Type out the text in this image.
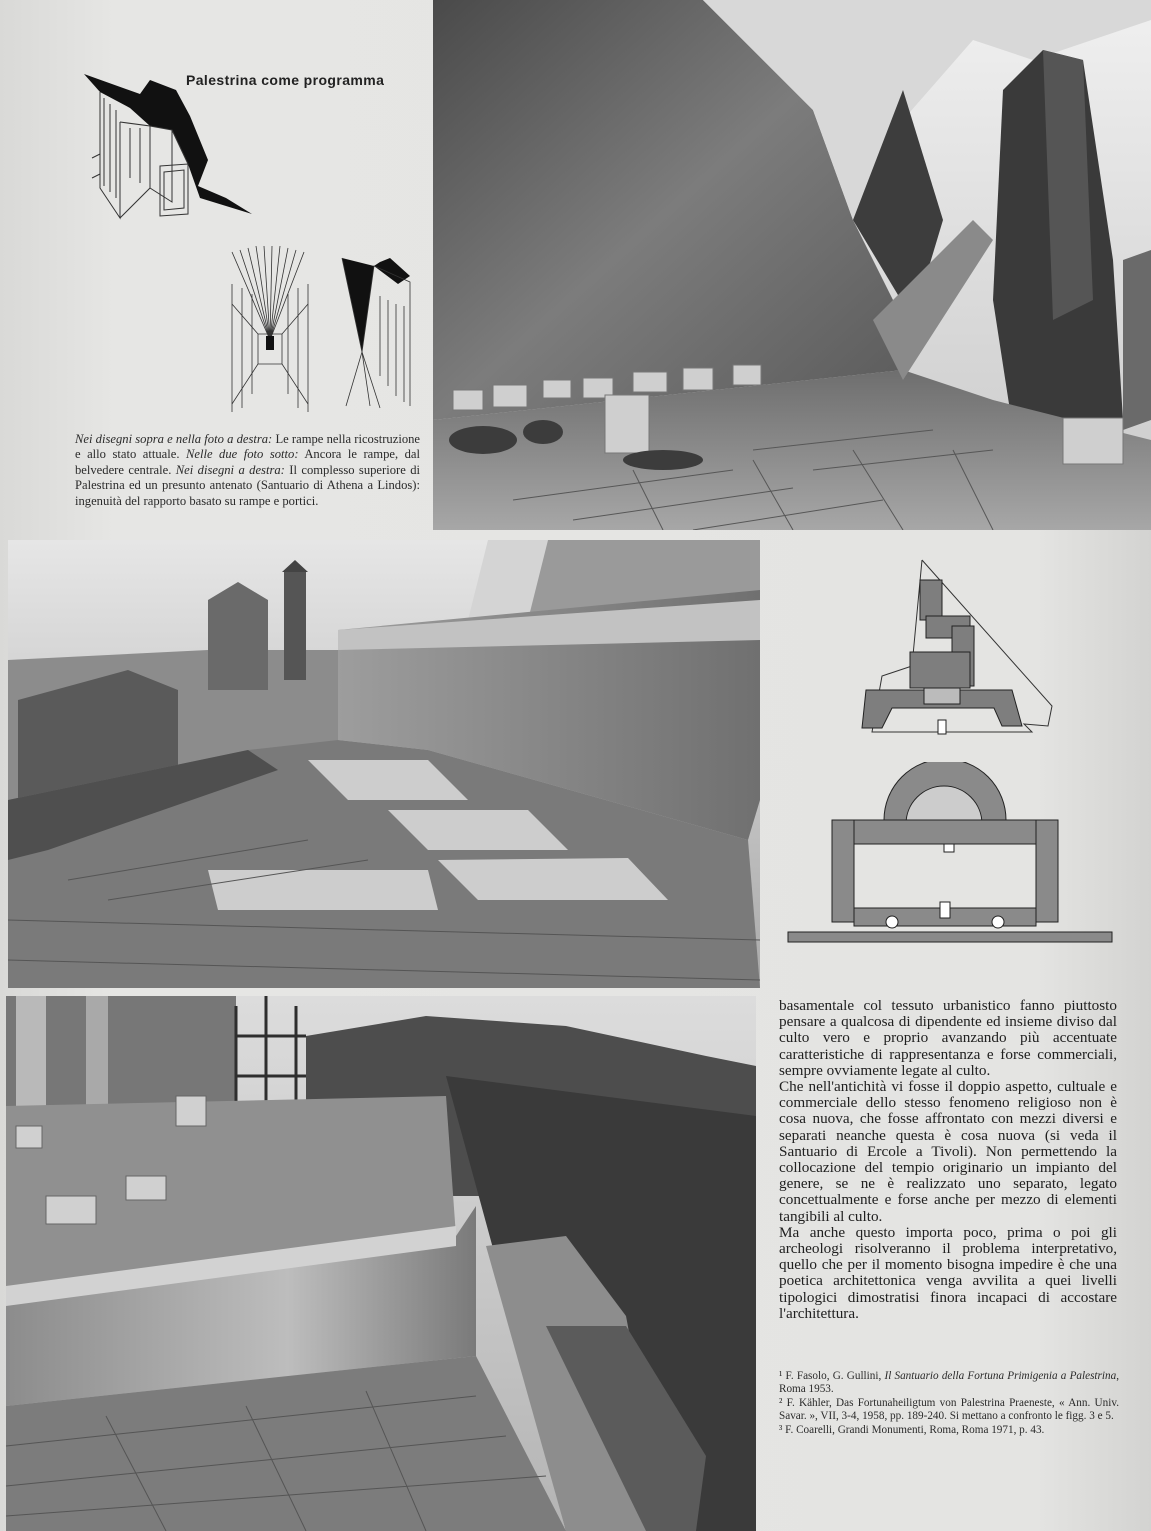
Palestrina come programma
Nei disegni sopra e nella foto a destra: Le rampe nella ricostruzione e allo stato attuale. Nelle due foto sotto: Ancora le rampe, dal belvedere centrale. Nei disegni a destra: Il complesso superiore di Palestrina ed un presunto antenato (Santuario di Athena a Lindos): ingenuità del rapporto basato su rampe e portici.

basamentale col tessuto urbanistico fanno piuttosto pensare a qualcosa di dipendente ed insieme diviso dal culto vero e proprio avanzando più accentuate caratteristiche di rappresentanza e forse commerciali, sempre ovviamente legate al culto.

Che nell'antichità vi fosse il doppio aspetto, cultuale e commerciale dello stesso fenomeno religioso non è cosa nuova, che fosse affrontato con mezzi diversi e separati neanche questa è cosa nuova (si veda il Santuario di Ercole a Tivoli). Non permettendo la collocazione del tempio originario un impianto del genere, se ne è realizzato uno separato, legato concettualmente e forse anche per mezzo di elementi tangibili al culto.

Ma anche questo importa poco, prima o poi gli archeologi risolveranno il problema interpretativo, quello che per il momento bisogna impedire è che una poetica architettonica venga avvilita a quei livelli tipologici dimostratisi finora incapaci di accostare l'architettura.

¹ F. Fasolo, G. Gullini, Il Santuario della Fortuna Primigenia a Palestrina, Roma 1953.

² F. Kähler, Das Fortunaheiligtum von Palestrina Praeneste, « Ann. Univ. Savar. », VII, 3-4, 1958, pp. 189-240. Si mettano a confronto le figg. 3 e 5.

³ F. Coarelli, Grandi Monumenti, Roma, Roma 1971, p. 43.
